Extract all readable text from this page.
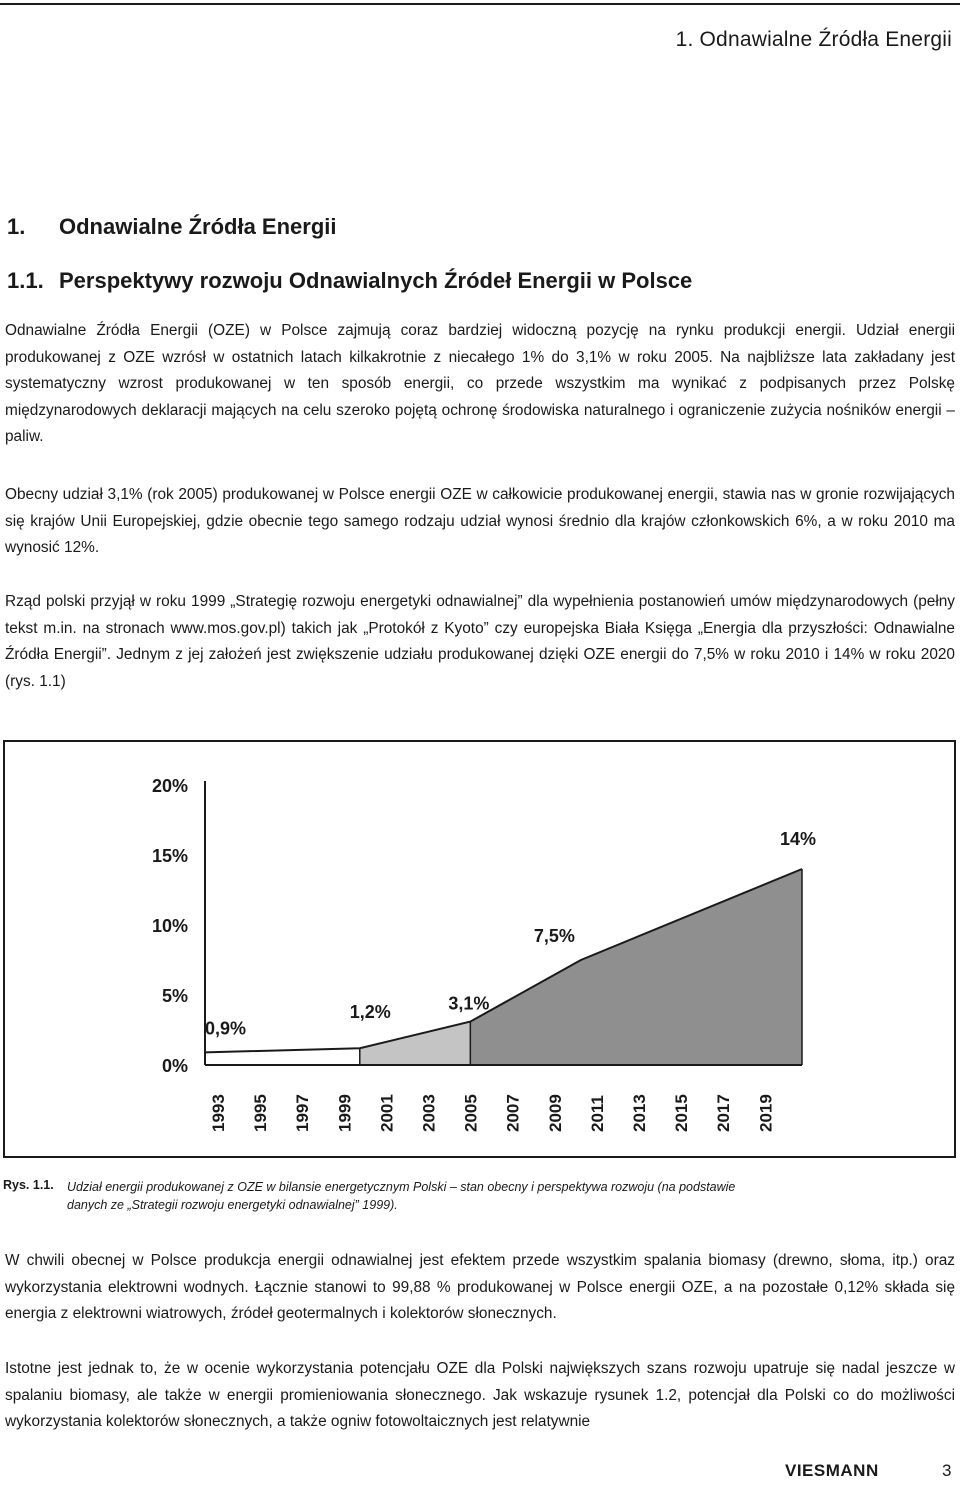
1. Odnawialne Źródła Energii
1. Odnawialne Źródła Energii
1.1. Perspektywy rozwoju Odnawialnych Źródeł Energii w Polsce

Odnawialne Źródła Energii (OZE) w Polsce zajmują coraz bardziej widoczną pozycję na rynku produkcji energii. Udział energii produkowanej z OZE wzrósł w ostatnich latach kilkakrotnie z niecałego 1% do 3,1% w roku 2005. Na najbliższe lata zakładany jest systematyczny wzrost produkowanej w ten sposób energii, co przede wszystkim ma wynikać z podpisanych przez Polskę międzynarodowych deklaracji mających na celu szeroko pojętą ochronę środowiska naturalnego i ograniczenie zużycia nośników energii – paliw.

Obecny udział 3,1% (rok 2005) produkowanej w Polsce energii OZE w całkowicie produkowanej energii, stawia nas w gronie rozwijających się krajów Unii Europejskiej, gdzie obecnie tego samego rodzaju udział wynosi średnio dla krajów członkowskich 6%, a w roku 2010 ma wynosić 12%.

Rząd polski przyjął w roku 1999 „Strategię rozwoju energetyki odnawialnej” dla wypełnienia postanowień umów międzynarodowych (pełny tekst m.in. na stronach www.mos.gov.pl) takich jak „Protokół z Kyoto” czy europejska Biała Księga „Energia dla przyszłości: Odnawialne Źródła Energii”. Jednym z jej założeń jest zwiększenie udziału produkowanej dzięki OZE energii do 7,5% w roku 2010 i 14% w roku 2020 (rys. 1.1)

0%
5%
10%
15%
20%
1993 1995 1997 1999 2001 2003 2005 2007 2009 2011 2013 2015 2017 2019
0,9%
1,2%	3,1%
7,5%
14%
Rys. 1.1. Udział energii produkowanej z OZE w bilansie energetycznym Polski – stan obecny i perspektywa rozwoju (na podstawie danych ze „Strategii rozwoju energetyki odnawialnej” 1999).

W chwili obecnej w Polsce produkcja energii odnawialnej jest efektem przede wszystkim spalania biomasy (drewno, słoma, itp.) oraz wykorzystania elektrowni wodnych. Łącznie stanowi to 99,88 % produkowanej w Polsce energii OZE, a na pozostałe 0,12% składa się energia z elektrowni wiatrowych, źródeł geotermalnych i kolektorów słonecznych.

Istotne jest jednak to, że w ocenie wykorzystania potencjału OZE dla Polski największych szans rozwoju upatruje się nadal jeszcze w spalaniu biomasy, ale także w energii promieniowania słonecznego. Jak wskazuje rysunek 1.2, potencjał dla Polski co do możliwości wykorzystania kolektorów słonecznych, a także ogniw fotowoltaicznych jest relatywnie

VIESMANN	3
